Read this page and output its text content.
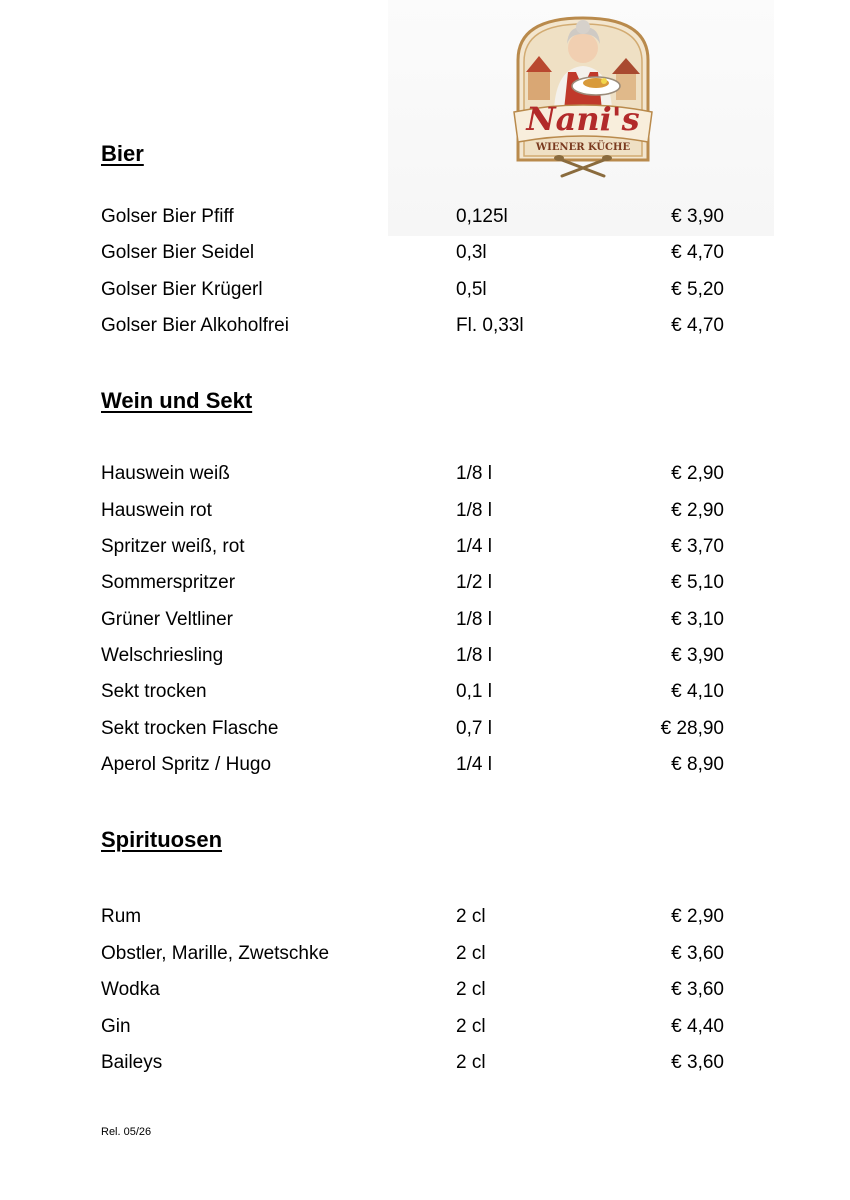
Nani's
WIENER KÜCHE
Bier
Golser Bier Pfiff	0,125l	€ 3,90
Golser Bier Seidel	0,3l	€ 4,70
Golser Bier Krügerl	0,5l	€ 5,20
Golser Bier Alkoholfrei	Fl. 0,33l	€ 4,70
Wein und Sekt
Hauswein weiß	1/8 l	€ 2,90
Hauswein rot	1/8 l	€ 2,90
Spritzer weiß, rot	1/4 l	€ 3,70
Sommerspritzer	1/2 l	€ 5,10
Grüner Veltliner	1/8 l	€ 3,10
Welschriesling	1/8 l	€ 3,90
Sekt trocken	0,1 l	€ 4,10
Sekt trocken Flasche	0,7 l	€ 28,90
Aperol Spritz / Hugo	1/4 l	€ 8,90
Spirituosen
Rum	2 cl	€ 2,90
Obstler, Marille, Zwetschke	2 cl	€ 3,60
Wodka	2 cl	€ 3,60
Gin	2 cl	€ 4,40
Baileys	2 cl	€ 3,60
Rel. 05/26
